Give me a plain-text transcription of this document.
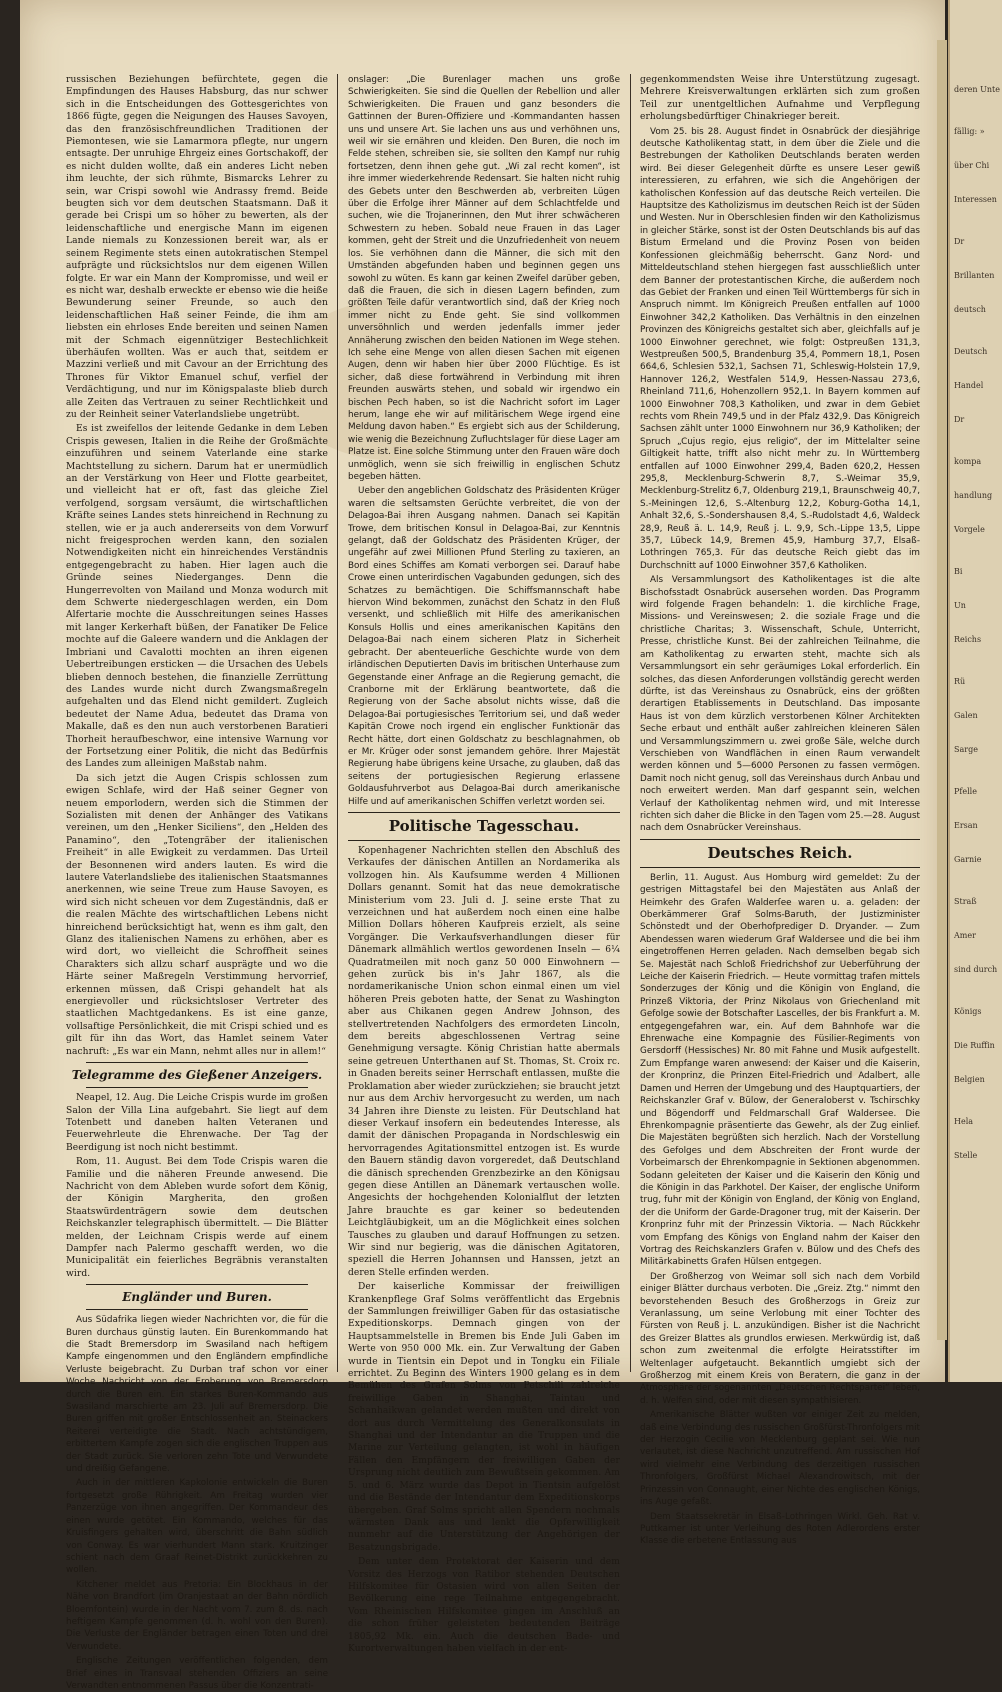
russischen Beziehungen befürchtete, gegen die Empfindungen des Hauses Habsburg, das nur schwer sich in die Entscheidungen des Gottesgerichtes von 1866 fügte, gegen die Neigungen des Hauses Savoyen, das den französischfreundlichen Traditionen der Piemontesen, wie sie Lamarmora pflegte, nur ungern entsagte. Der unruhige Ehrgeiz eines Gortschakoff, der es nicht dulden wollte, daß ein anderes Licht neben ihm leuchte, der sich rühmte, Bismarcks Lehrer zu sein, war Crispi sowohl wie Andrassy fremd. Beide beugten sich vor dem deutschen Staatsmann. Daß it gerade bei Crispi um so höher zu bewerten, als der leidenschaftliche und energische Mann im eigenen Lande niemals zu Konzessionen bereit war, als er seinem Regimente stets einen autokratischen Stempel aufprägte und rücksichtslos nur dem eigenen Willen folgte. Er war ein Mann der Kompromisse, und weil er es nicht war, deshalb erweckte er ebenso wie die heiße Bewunderung seiner Freunde, so auch den leidenschaftlichen Haß seiner Feinde, die ihm am liebsten ein ehrloses Ende bereiten und seinen Namen mit der Schmach eigennütziger Bestechlichkeit überhäufen wollten. Was er auch that, seitdem er Mazzini verließ und mit Cavour an der Errichtung des Thrones für Viktor Emanuel schuf, verfiel der Verdächtigung, und nur im Königspalaste blieb durch alle Zeiten das Vertrauen zu seiner Rechtlichkeit und zu der Reinheit seiner Vaterlandsliebe ungetrübt.

Es ist zweifellos der leitende Gedanke in dem Leben Crispis gewesen, Italien in die Reihe der Großmächte einzuführen und seinem Vaterlande eine starke Machtstellung zu sichern. Darum hat er unermüdlich an der Verstärkung von Heer und Flotte gearbeitet, und vielleicht hat er oft, fast das gleiche Ziel verfolgend, sorgsam versäumt, die wirtschaftlichen Kräfte seines Landes stets hinreichend in Rechnung zu stellen, wie er ja auch andererseits von dem Vorwurf nicht freigesprochen werden kann, den sozialen Notwendigkeiten nicht ein hinreichendes Verständnis entgegengebracht zu haben. Hier lagen auch die Gründe seines Niederganges. Denn die Hungerrevolten von Mailand und Monza wodurch mit dem Schwerte niedergeschlagen werden, ein Dom Alfertarie mochte die Ausschreitungen seines Hasses mit langer Kerkerhaft büßen, der Fanatiker De Felice mochte auf die Galeere wandern und die Anklagen der Imbriani und Cavalotti mochten an ihren eigenen Uebertreibungen ersticken — die Ursachen des Uebels blieben dennoch bestehen, die finanzielle Zerrüttung des Landes wurde nicht durch Zwangsmaßregeln aufgehalten und das Elend nicht gemildert. Zugleich bedeutet der Name Adua, bedeutet das Drama von Makalle, daß es den nun auch verstorbenen Baratieri Thorheit heraufbeschwor, eine intensive Warnung vor der Fortsetzung einer Politik, die nicht das Bedürfnis des Landes zum alleinigen Maßstab nahm.

Da sich jetzt die Augen Crispis schlossen zum ewigen Schlafe, wird der Haß seiner Gegner von neuem emporlodern, werden sich die Stimmen der Sozialisten mit denen der Anhänger des Vatikans vereinen, um den „Henker Siciliens“, den „Helden des Panamino“, den „Totengräber der italienischen Freiheit“ in alle Ewigkeit zu verdammen. Das Urteil der Besonnenen wird anders lauten. Es wird die lautere Vaterlandsliebe des italienischen Staatsmannes anerkennen, wie seine Treue zum Hause Savoyen, es wird sich nicht scheuen vor dem Zugeständnis, daß er die realen Mächte des wirtschaftlichen Lebens nicht hinreichend berücksichtigt hat, wenn es ihm galt, den Glanz des italienischen Namens zu erhöhen, aber es wird dort, wo vielleicht die Schroffheit seines Charakters sich allzu scharf ausprägte und wo die Härte seiner Maßregeln Verstimmung hervorrief, erkennen müssen, daß Crispi gehandelt hat als energievoller und rücksichtsloser Vertreter des staatlichen Machtgedankens. Es ist eine ganze, vollsaftige Persönlichkeit, die mit Crispi schied und es gilt für ihn das Wort, das Hamlet seinem Vater nachruft: „Es war ein Mann, nehmt alles nur in allem!“

Telegramme des Gießener Anzeigers.

Neapel, 12. Aug. Die Leiche Crispis wurde im großen Salon der Villa Lina aufgebahrt. Sie liegt auf dem Totenbett und daneben halten Veteranen und Feuerwehrleute die Ehrenwache. Der Tag der Beerdigung ist noch nicht bestimmt.

Rom, 11. August. Bei dem Tode Crispis waren die Familie und die näheren Freunde anwesend. Die Nachricht von dem Ableben wurde sofort dem König, der Königin Margherita, den großen Staatswürdenträgern sowie dem deutschen Reichskanzler telegraphisch übermittelt. — Die Blätter melden, der Leichnam Crispis werde auf einem Dampfer nach Palermo geschafft werden, wo die Municipalität ein feierliches Begräbnis veranstalten wird.

Engländer und Buren.

Aus Südafrika liegen wieder Nachrichten vor, die für die Buren durchaus günstig lauten. Ein Burenkommando hat die Stadt Bremersdorp im Swasiland nach heftigem Kampfe eingenommen und den Engländern empfindliche Verluste beigebracht. Zu Durban traf schon vor einer Woche Nachricht von der Eroberung von Bremersdorp durch die Buren ein. Ein starkes Buren-Kommando aus Swasiland marschierte am 23. Juli auf Bremersdorp. Die Buren griffen mit großer Entschlossenheit an. Steinackers Reiterei verteidigte die Stadt. Nach achtstündigem, erbittertem Kampfe zogen sich die englischen Truppen aus der Stadt zurück. Sie verloren zehn Tote und Verwundete und dreißig Gefangene.

Auch in der mittleren Kapkolonie entwickeln die Buren fortgesetzt große Rührigkeit. Am Freitag wurden vier Panzerzüge von ihnen angegriffen. Der Kommandeur des einen wurde getötet. Ein Kommando, welches für das Kruisfingers gehalten wird, überschritt die Bahn südlich von Conway. Es war vierhundert Mann stark. Kruitzinger schient nach dem Graaf Reinet-Distrikt zurückkehren zu wollen.

Kitchener meldet aus Pretoria: Ein Blockhaus in der Nähe von Brandfort (im Oranjestaat an der Bahn nördlich Bloemfontein) wurde in der Nacht vom 7. zum 8. ds. nach heftigem Kampfe genommen (d. h. wohl von den Buren). Die Verluste der Engländer betragen einen Toten und drei Verwundete.

Englische Zeitungen veröffentlichen folgenden, dem Brief eines in Transvaal stehenden Offiziers an seine Verwandten entnommenen Passus über die Konzentrati-

onslager: „Die Burenlager machen uns große Schwierigkeiten. Sie sind die Quellen der Rebellion und aller Schwierigkeiten. Die Frauen und ganz besonders die Gattinnen der Buren-Offiziere und -Kommandanten hassen uns und unsere Art. Sie lachen uns aus und verhöhnen uns, weil wir sie ernähren und kleiden. Den Buren, die noch im Felde stehen, schreiben sie, sie sollten den Kampf nur ruhig fortsetzen, denn ihnen gehe gut. „Wi zal recht komen“, ist ihre immer wiederkehrende Redensart. Sie halten nicht ruhig des Gebets unter den Beschwerden ab, verbreiten Lügen über die Erfolge ihrer Männer auf dem Schlachtfelde und suchen, wie die Trojanerinnen, den Mut ihrer schwächeren Schwestern zu heben. Sobald neue Frauen in das Lager kommen, geht der Streit und die Unzufriedenheit von neuem los. Sie verhöhnen dann die Männer, die sich mit den Umständen abgefunden haben und beginnen gegen uns sowohl zu wüten. Es kann gar keinen Zweifel darüber geben, daß die Frauen, die sich in diesen Lagern befinden, zum größten Teile dafür verantwortlich sind, daß der Krieg noch immer nicht zu Ende geht. Sie sind vollkommen unversöhnlich und werden jedenfalls immer jeder Annäherung zwischen den beiden Nationen im Wege stehen. Ich sehe eine Menge von allen diesen Sachen mit eigenen Augen, denn wir haben hier über 2000 Flüchtige. Es ist sicher, daß diese fortwährend in Verbindung mit ihren Freunden auswärts stehen, und sobald wir irgendwo ein bischen Pech haben, so ist die Nachricht sofort im Lager herum, lange ehe wir auf militärischem Wege irgend eine Meldung davon haben.“ Es ergiebt sich aus der Schilderung, wie wenig die Bezeichnung Zufluchtslager für diese Lager am Platze ist. Eine solche Stimmung unter den Frauen wäre doch unmöglich, wenn sie sich freiwillig in englischen Schutz begeben hätten.

Ueber den angeblichen Goldschatz des Präsidenten Krüger waren die seltsamsten Gerüchte verbreitet, die von der Delagoa-Bai ihren Ausgang nahmen. Danach sei Kapitän Trowe, dem britischen Konsul in Delagoa-Bai, zur Kenntnis gelangt, daß der Goldschatz des Präsidenten Krüger, der ungefähr auf zwei Millionen Pfund Sterling zu taxieren, an Bord eines Schiffes am Komati verborgen sei. Darauf habe Crowe einen unterirdischen Vagabunden gedungen, sich des Schatzes zu bemächtigen. Die Schiffsmannschaft habe hiervon Wind bekommen, zunächst den Schatz in den Fluß versenkt, und schließlich mit Hilfe des amerikanischen Konsuls Hollis und eines amerikanischen Kapitäns den Delagoa-Bai nach einem sicheren Platz in Sicherheit gebracht. Der abenteuerliche Geschichte wurde von dem irländischen Deputierten Davis im britischen Unterhause zum Gegenstande einer Anfrage an die Regierung gemacht, die Cranborne mit der Erklärung beantwortete, daß die Regierung von der Sache absolut nichts wisse, daß die Delagoa-Bai portugiesisches Territorium sei, und daß weder Kapitän Crowe noch irgend ein englischer Funktionär das Recht hätte, dort einen Goldschatz zu beschlagnahmen, ob er Mr. Krüger oder sonst jemandem gehöre. Ihrer Majestät Regierung habe übrigens keine Ursache, zu glauben, daß das seitens der portugiesischen Regierung erlassene Goldausfuhrverbot aus Delagoa-Bai durch amerikanische Hilfe und auf amerikanischen Schiffen verletzt worden sei.

Politische Tagesschau.

Kopenhagener Nachrichten stellen den Abschluß des Verkaufes der dänischen Antillen an Nordamerika als vollzogen hin. Als Kaufsumme werden 4 Millionen Dollars genannt. Somit hat das neue demokratische Ministerium vom 23. Juli d. J. seine erste That zu verzeichnen und hat außerdem noch einen eine halbe Million Dollars höheren Kaufpreis erzielt, als seine Vorgänger. Die Verkaufsverhandlungen dieser für Dänemark allmählich wertlos gewordenen Inseln — 6¼ Quadratmeilen mit noch ganz 50 000 Einwohnern — gehen zurück bis in's Jahr 1867, als die nordamerikanische Union schon einmal einen um viel höheren Preis geboten hatte, der Senat zu Washington aber aus Chikanen gegen Andrew Johnson, des stellvertretenden Nachfolgers des ermordeten Lincoln, dem bereits abgeschlossenen Vertrag seine Genehmigung versagte. König Christian hatte abermals seine getreuen Unterthanen auf St. Thomas, St. Croix rc. in Gnaden bereits seiner Herrschaft entlassen, mußte die Proklamation aber wieder zurückziehen; sie braucht jetzt nur aus dem Archiv hervorgesucht zu werden, um nach 34 Jahren ihre Dienste zu leisten. Für Deutschland hat dieser Verkauf insofern ein bedeutendes Interesse, als damit der dänischen Propaganda in Nordschleswig ein hervorragendes Agitationsmittel entzogen ist. Es wurde den Bauern ständig davon vorgeredet, daß Deutschland die dänisch sprechenden Grenzbezirke an den Königsau gegen diese Antillen an Dänemark vertauschen wolle. Angesichts der hochgehenden Kolonialflut der letzten Jahre brauchte es gar keiner so bedeutenden Leichtgläubigkeit, um an die Möglichkeit eines solchen Tausches zu glauben und darauf Hoffnungen zu setzen. Wir sind nur begierig, was die dänischen Agitatoren, speziell die Herren Johannsen und Hanssen, jetzt an deren Stelle erfinden werden.

Der kaiserliche Kommissar der freiwilligen Krankenpflege Graf Solms veröffentlicht das Ergebnis der Sammlungen freiwilliger Gaben für das ostasiatische Expeditionskorps. Demnach gingen von der Hauptsammelstelle in Bremen bis Ende Juli Gaben im Werte von 950 000 Mk. ein. Zur Verwaltung der Gaben wurde in Tientsin ein Depot und in Tongku ein Filiale errichtet. Zu Beginn des Winters 1900 gelang es in dem Bemühen des Grafen Solms von Petschili zahlreiche freiwillige Gaben in Shanghai, Taintau und Schanhaikwan gelandet werden mußten und direkt von dort aus durch Vermittelung des Generalkonsulats in Shanghai und der Intendantur an die Truppen und die Marine zur Verteilung gelangten, ist wohl in häufigen Fällen den Empfängern der freiwilligen Gaben der Ursprung nicht deutlich zum Bewußtsein gekommen. Am 5. und 6. März wurde das Depot in Tientsin aufgelöst und die Bestände der Intendantur dem Expeditionskorps übergeben. Graf Solms spricht allen Spendern nochmals wärmsten Dank aus und lenkt die Opferwilligkeit nunmehr auf die Unterstützung der Angehörigen der Besatzungsbrigade.

Dem unter dem Protektorat der Kaiserin und dem Vorsitz des Herzogs von Ratibor stehenden Deutschen Hilfskomitee für Ostasien wird von allen Seiten der Bevölkerung eine rege Teilnahme entgegengebracht. Vom Rheinischen Hilfskomitee gingen im Anschluß an die schon früher geleisteten bedeutenden Beiträge 1805,92 Mk. ein. Auch die deutschen Bade- und Kurortverwaltungen haben vielfach in der ent-

gegenkommendsten Weise ihre Unterstützung zugesagt. Mehrere Kreisverwaltungen erklärten sich zum großen Teil zur unentgeltlichen Aufnahme und Verpflegung erholungsbedürftiger Chinakrieger bereit.

Vom 25. bis 28. August findet in Osnabrück der diesjährige deutsche Katholikentag statt, in dem über die Ziele und die Bestrebungen der Katholiken Deutschlands beraten werden wird. Bei dieser Gelegenheit dürfte es unsere Leser gewiß interessieren, zu erfahren, wie sich die Angehörigen der katholischen Konfession auf das deutsche Reich verteilen. Die Hauptsitze des Katholizismus im deutschen Reich ist der Süden und Westen. Nur in Oberschlesien finden wir den Katholizismus in gleicher Stärke, sonst ist der Osten Deutschlands bis auf das Bistum Ermeland und die Provinz Posen von beiden Konfessionen gleichmäßig beherrscht. Ganz Nord- und Mitteldeutschland stehen hiergegen fast ausschließlich unter dem Banner der protestantischen Kirche, die außerdem noch das Gebiet der Franken und einen Teil Württembergs für sich in Anspruch nimmt. Im Königreich Preußen entfallen auf 1000 Einwohner 342,2 Katholiken. Das Verhältnis in den einzelnen Provinzen des Königreichs gestaltet sich aber, gleichfalls auf je 1000 Einwohner gerechnet, wie folgt: Ostpreußen 131,3, Westpreußen 500,5, Brandenburg 35,4, Pommern 18,1, Posen 664,6, Schlesien 532,1, Sachsen 71, Schleswig-Holstein 17,9, Hannover 126,2, Westfalen 514,9, Hessen-Nassau 273,6, Rheinland 711,6, Hohenzollern 952,1. In Bayern kommen auf 1000 Einwohner 708,3 Katholiken, und zwar in dem Gebiet rechts vom Rhein 749,5 und in der Pfalz 432,9. Das Königreich Sachsen zählt unter 1000 Einwohnern nur 36,9 Katholiken; der Spruch „Cujus regio, ejus religio“, der im Mittelalter seine Giltigkeit hatte, trifft also nicht mehr zu. In Württemberg entfallen auf 1000 Einwohner 299,4, Baden 620,2, Hessen 295,8, Mecklenburg-Schwerin 8,7, S.-Weimar 35,9, Mecklenburg-Strelitz 6,7, Oldenburg 219,1, Braunschweig 40,7, S.-Meiningen 12,6, S.-Altenburg 12,2, Koburg-Gotha 14,1, Anhalt 32,6, S.-Sondershausen 8,4, S.-Rudolstadt 4,6, Waldeck 28,9, Reuß ä. L. 14,9, Reuß j. L. 9,9, Sch.-Lippe 13,5, Lippe 35,7, Lübeck 14,9, Bremen 45,9, Hamburg 37,7, Elsaß-Lothringen 765,3. Für das deutsche Reich giebt das im Durchschnitt auf 1000 Einwohner 357,6 Katholiken.

Als Versammlungsort des Katholikentages ist die alte Bischofsstadt Osnabrück ausersehen worden. Das Programm wird folgende Fragen behandeln: 1. die kirchliche Frage, Missions- und Vereinswesen; 2. die soziale Frage und die christliche Charitas; 3. Wissenschaft, Schule, Unterricht, Presse, christliche Kunst. Bei der zahlreichen Teilnahme, die am Katholikentag zu erwarten steht, machte sich als Versammlungsort ein sehr geräumiges Lokal erforderlich. Ein solches, das diesen Anforderungen vollständig gerecht werden dürfte, ist das Vereinshaus zu Osnabrück, eins der größten derartigen Etablissements in Deutschland. Das imposante Haus ist von dem kürzlich verstorbenen Kölner Architekten Seche erbaut und enthält außer zahlreichen kleineren Sälen und Versammlungszimmern u. zwei große Säle, welche durch Verschieben von Wandflächen in einen Raum verwandelt werden können und 5—6000 Personen zu fassen vermögen. Damit noch nicht genug, soll das Vereinshaus durch Anbau und noch erweitert werden. Man darf gespannt sein, welchen Verlauf der Katholikentag nehmen wird, und mit Interesse richten sich daher die Blicke in den Tagen vom 25.—28. August nach dem Osnabrücker Vereinshaus.

Deutsches Reich.

Berlin, 11. August. Aus Homburg wird gemeldet: Zu der gestrigen Mittagstafel bei den Majestäten aus Anlaß der Heimkehr des Grafen Walderſee waren u. a. geladen: der Oberkämmerer Graf Solms-Baruth, der Justizminister Schönstedt und der Oberhofprediger D. Dryander. — Zum Abendessen waren wiederum Graf Waldersee und die bei ihm eingetroffenen Herren geladen. Nach demselben begab sich Se. Majestät nach Schloß Friedrichshof zur Ueberführung der Leiche der Kaiserin Friedrich. — Heute vormittag trafen mittels Sonderzuges der König und die Königin von England, die Prinzeß Viktoria, der Prinz Nikolaus von Griechenland mit Gefolge sowie der Botschafter Lascelles, der bis Frankfurt a. M. entgegengefahren war, ein. Auf dem Bahnhofe war die Ehrenwache eine Kompagnie des Füsilier-Regiments von Gersdorff (Hessisches) Nr. 80 mit Fahne und Musik aufgestellt. Zum Empfange waren anwesend: der Kaiser und die Kaiserin, der Kronprinz, die Prinzen Eitel-Friedrich und Adalbert, alle Damen und Herren der Umgebung und des Hauptquartiers, der Reichskanzler Graf v. Bülow, der Generaloberst v. Tschirschky und Bögendorff und Feldmarschall Graf Waldersee. Die Ehrenkompagnie präsentierte das Gewehr, als der Zug einlief. Die Majestäten begrüßten sich herzlich. Nach der Vorstellung des Gefolges und dem Abschreiten der Front wurde der Vorbeimarsch der Ehrenkompagnie in Sektionen abgenommen. Sodann geleiteten der Kaiser und die Kaiserin den König und die Königin in das Parkhotel. Der Kaiser, der englische Uniform trug, fuhr mit der Königin von England, der König von England, der die Uniform der Garde-Dragoner trug, mit der Kaiserin. Der Kronprinz fuhr mit der Prinzessin Viktoria. — Nach Rückkehr vom Empfang des Königs von England nahm der Kaiser den Vortrag des Reichskanzlers Grafen v. Bülow und des Chefs des Militärkabinetts Grafen Hülsen entgegen.

Der Großherzog von Weimar soll sich nach dem Vorbild einiger Blätter durchaus verboten. Die „Greiz. Ztg.“ nimmt den bevorstehenden Besuch des Großherzogs in Greiz zur Veranlassung, um seine Verlobung mit einer Tochter des Fürsten von Reuß j. L. anzukündigen. Bisher ist die Nachricht des Greizer Blattes als grundlos erwiesen. Merkwürdig ist, daß schon zum zweitenmal die erfolgte Heiratsstifter im Weltenlager aufgetaucht. Bekanntlich umgiebt sich der Großherzog mit einem Kreis von Beratern, die ganz in der Atmosphäre der sogenannten „Deutschen Rechtspartei“ leben, d. h. Welfen sind, oder mit diesen sympathisieren.

Amerikanische Blätter wußten vor einiger Zeit zu melden, daß eine Verbindung des russischen Großfürst-Thronfolgers mit der Herzogin Cecilie von Mecklenburg geplant sei. Wie nun verlautet, ist diese Nachricht unzutreffend. Am russischen Hof wird vielmehr eine Verbindung des derzeitigen russischen Thronfolgers, Großfürst Michael Alexandrowitsch, mit der Prinzessin von Connaught, einer Nichte des englischen Königs, ins Auge gefaßt.

Dem Staatssekretär in Elsaß-Lothringen Wirkl. Geh. Rat v. Puttkamer ist unter Verleihung des Roten Adlerordens erster Klasse die erbetene Entlassung aus

deren Unte
fällig: »
über Chi
Interessen
Dr
Brillanten
deutsch
Deutsch
Handel
Dr
kompa
handlung
Vorgele
Bi
Un
Reichs
Rü
Galen
Sarge
Pfelle
Ersan
Garnie
Straß
Amer
sind durch
Königs
Die Ruffin
Belgien
Hela
Stelle
